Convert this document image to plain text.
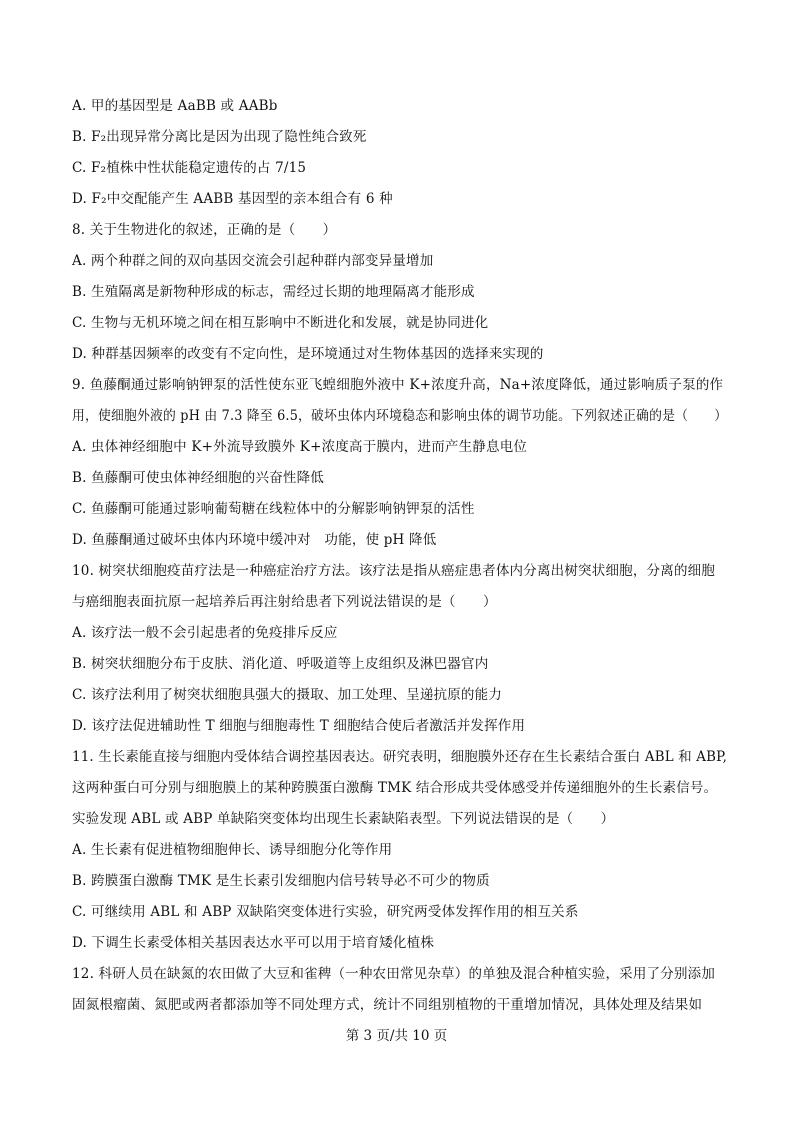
A. 甲的基因型是 AaBB 或 AABb
B. F₂出现异常分离比是因为出现了隐性纯合致死
C. F₂植株中性状能稳定遗传的占 7/15
D. F₂中交配能产生 AABB 基因型的亲本组合有 6 种
8. 关于生物进化的叙述，正确的是（　　）
A. 两个种群之间的双向基因交流会引起种群内部变异量增加
B. 生殖隔离是新物种形成的标志，需经过长期的地理隔离才能形成
C. 生物与无机环境之间在相互影响中不断进化和发展，就是协同进化
D. 种群基因频率的改变有不定向性，是环境通过对生物体基因的选择来实现的
9. 鱼藤酮通过影响钠钾泵的活性使东亚飞蝗细胞外液中 K+浓度升高，Na+浓度降低，通过影响质子泵的作
用，使细胞外液的 pH 由 7.3 降至 6.5，破坏虫体内环境稳态和影响虫体的调节功能。下列叙述正确的是（　　）
A. 虫体神经细胞中 K+外流导致膜外 K+浓度高于膜内，进而产生静息电位
B. 鱼藤酮可使虫体神经细胞的兴奋性降低
C. 鱼藤酮可能通过影响葡萄糖在线粒体中的分解影响钠钾泵的活性
D. 鱼藤酮通过破坏虫体内环境中缓冲对　功能，使 pH 降低
10. 树突状细胞疫苗疗法是一种癌症治疗方法。该疗法是指从癌症患者体内分离出树突状细胞，分离的细胞
与癌细胞表面抗原一起培养后再注射给患者下列说法错误的是（　　）
A. 该疗法一般不会引起患者的免疫排斥反应
B. 树突状细胞分布于皮肤、消化道、呼吸道等上皮组织及淋巴器官内
C. 该疗法利用了树突状细胞具强大的摄取、加工处理、呈递抗原的能力
D. 该疗法促进辅助性 T 细胞与细胞毒性 T 细胞结合使后者激活并发挥作用
11. 生长素能直接与细胞内受体结合调控基因表达。研究表明，细胞膜外还存在生长素结合蛋白 ABL 和 ABP,
这两种蛋白可分别与细胞膜上的某种跨膜蛋白激酶 TMK 结合形成共受体感受并传递细胞外的生长素信号。
实验发现 ABL 或 ABP 单缺陷突变体均出现生长素缺陷表型。下列说法错误的是（　　）
A. 生长素有促进植物细胞伸长、诱导细胞分化等作用
B. 跨膜蛋白激酶 TMK 是生长素引发细胞内信号转导必不可少的物质
C. 可继续用 ABL 和 ABP 双缺陷突变体进行实验，研究两受体发挥作用的相互关系
D. 下调生长素受体相关基因表达水平可以用于培育矮化植株
12. 科研人员在缺氮的农田做了大豆和雀稗（一种农田常见杂草）的单独及混合种植实验，采用了分别添加
固氮根瘤菌、氮肥或两者都添加等不同处理方式，统计不同组别植物的干重增加情况，具体处理及结果如
第 3 页/共 10 页
